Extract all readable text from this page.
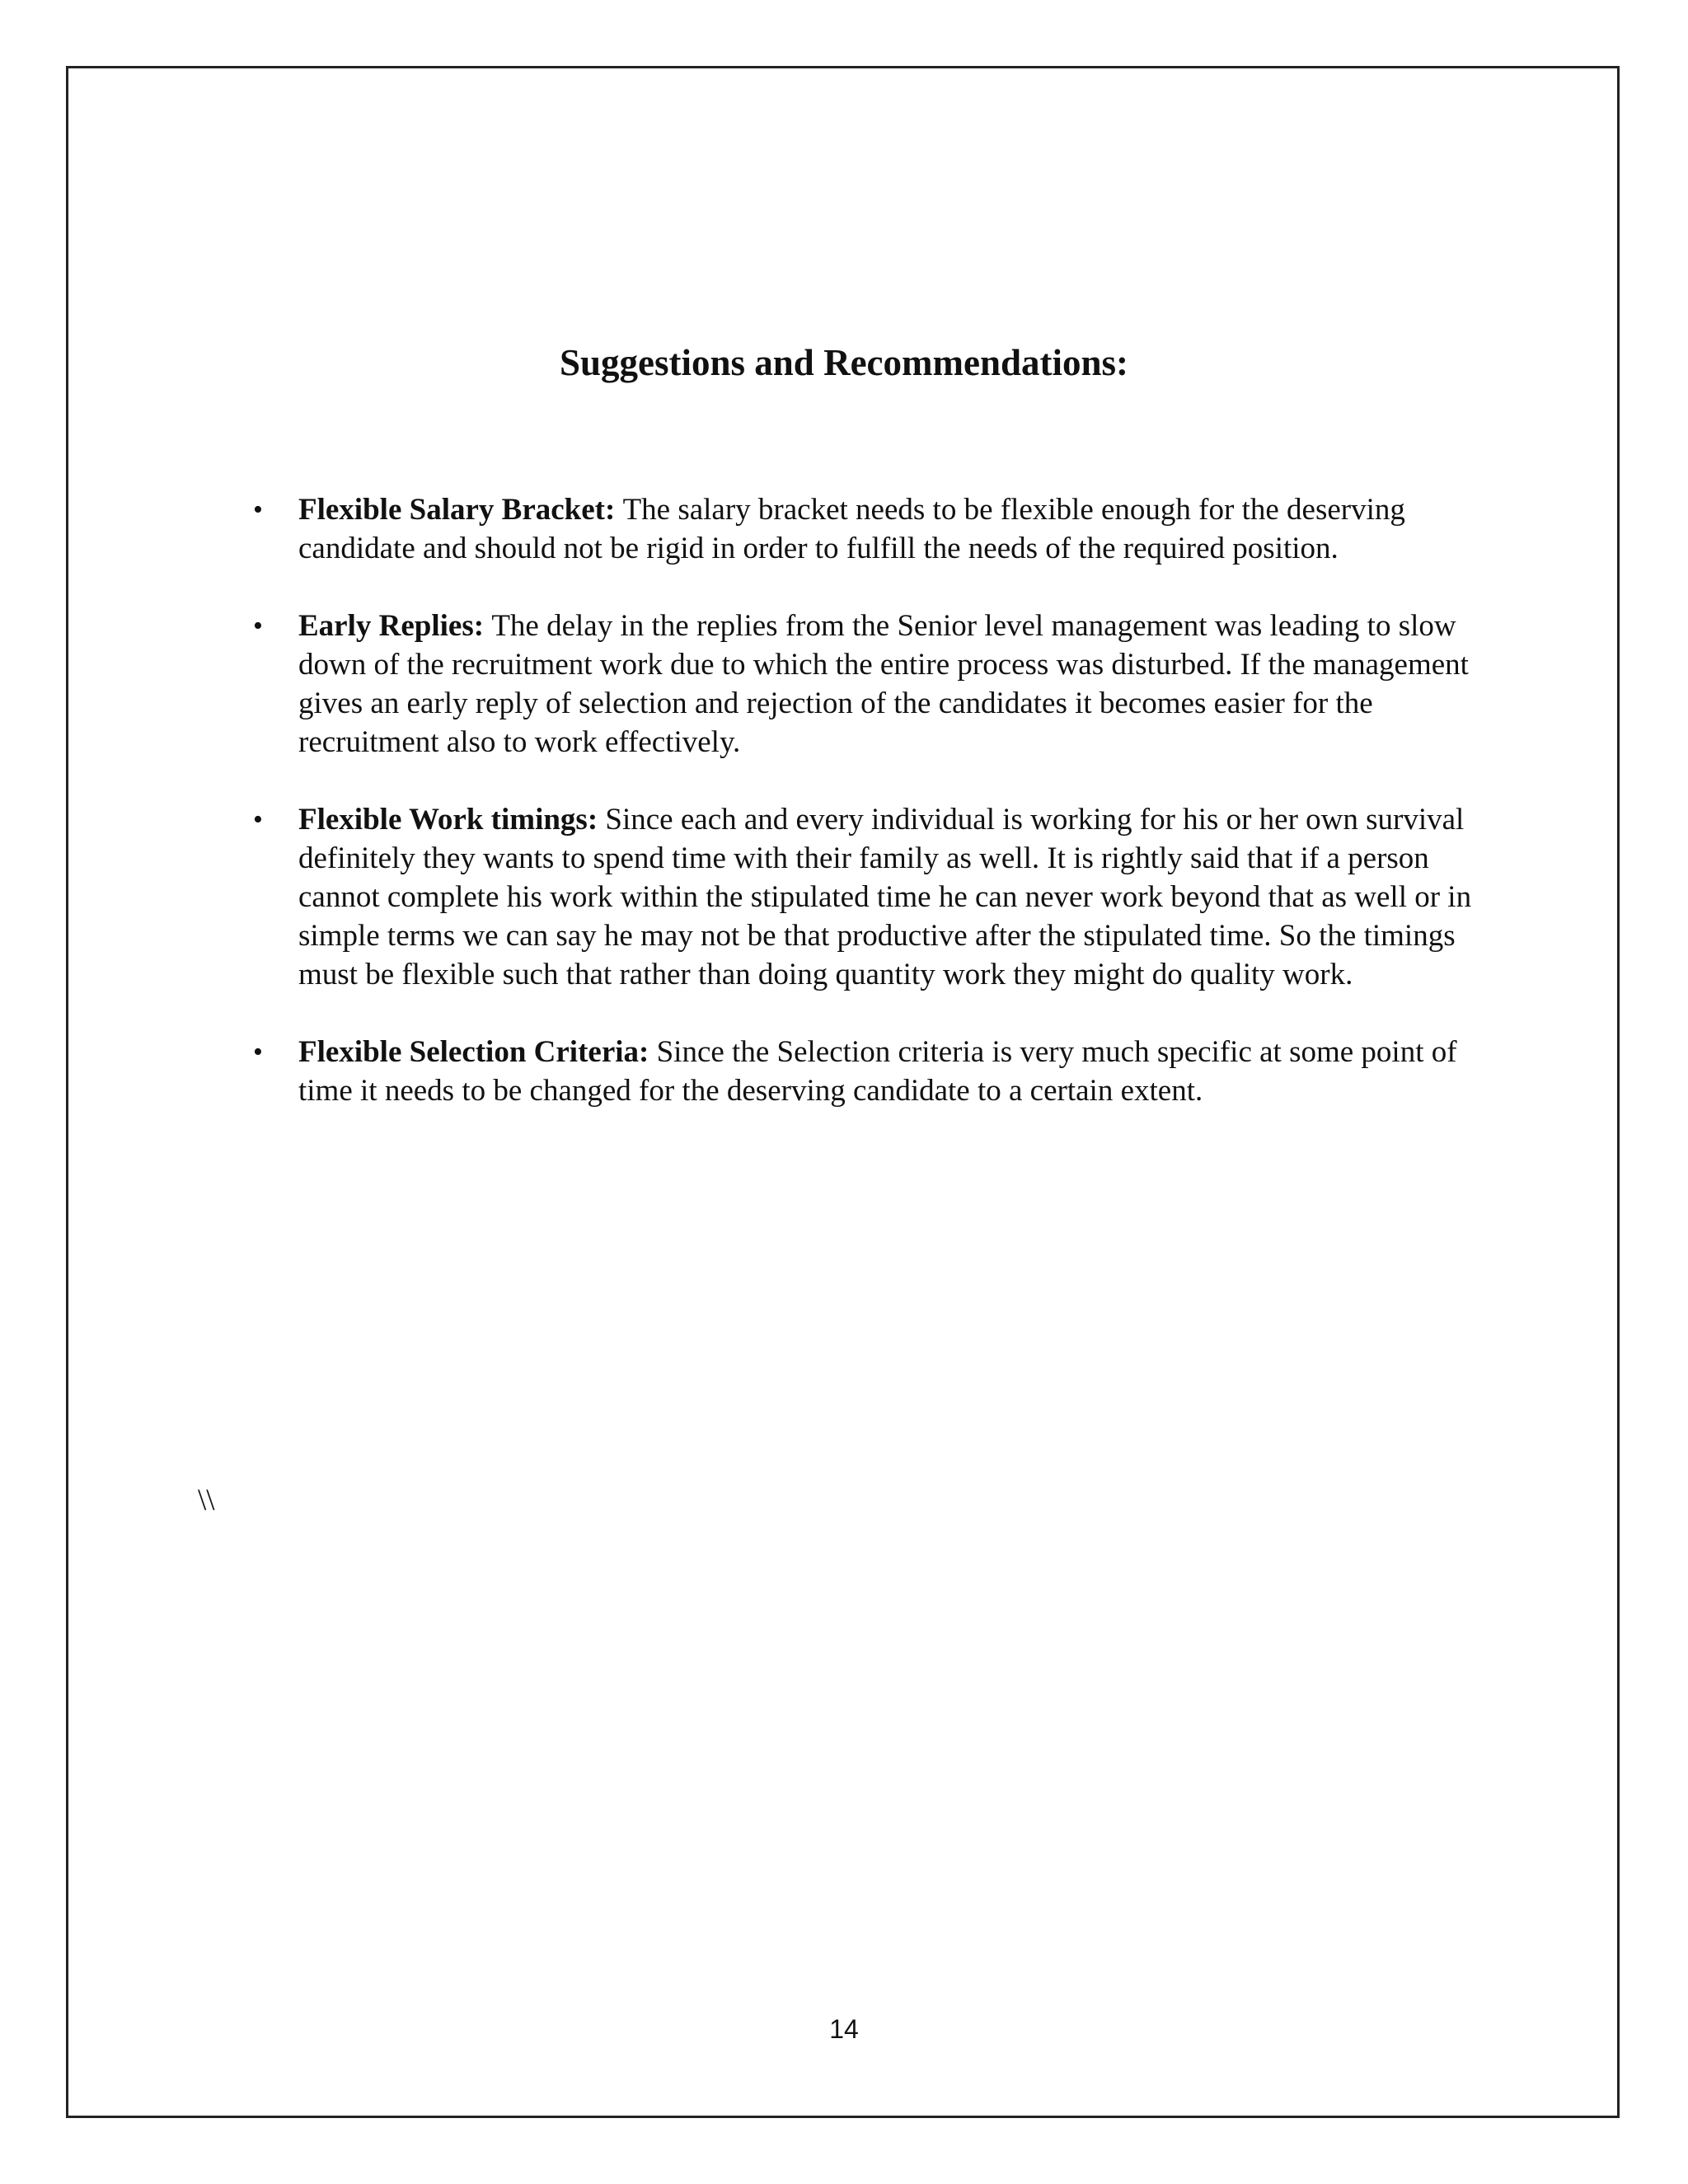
Suggestions and Recommendations:
• Flexible Salary Bracket: The salary bracket needs to be flexible enough for the deserving candidate and should not be rigid in order to fulfill the needs of the required position.
• Early Replies: The delay in the replies from the Senior level management was leading to slow down of the recruitment work due to which the entire process was disturbed. If the management gives an early reply of selection and rejection of the candidates it becomes easier for the recruitment also to work effectively.
• Flexible Work timings: Since each and every individual is working for his or her own survival definitely they wants to spend time with their family as well. It is rightly said that if a person cannot complete his work within the stipulated time he can never work beyond that as well or in simple terms we can say he may not be that productive after the stipulated time. So the timings must be flexible such that rather than doing quantity work they might do quality work.
• Flexible Selection Criteria: Since the Selection criteria is very much specific at some point of time it needs to be changed for the deserving candidate to a certain extent.
\\
14
